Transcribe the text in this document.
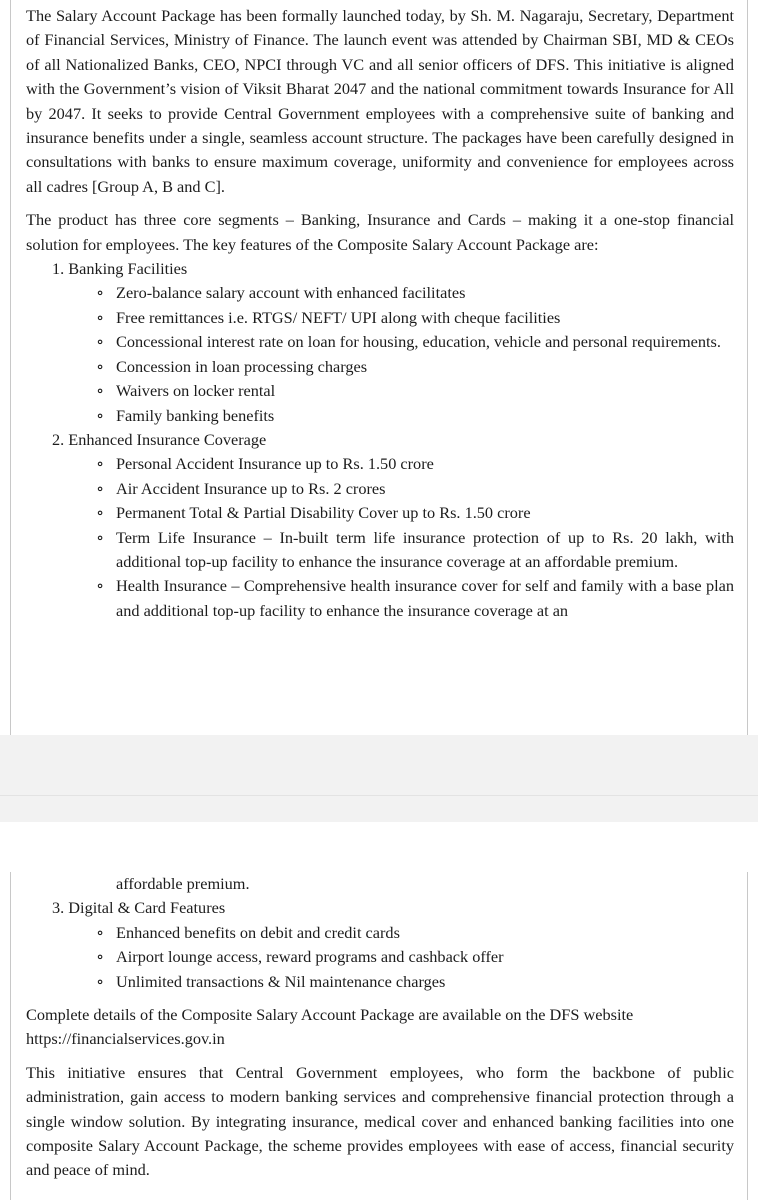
The Salary Account Package has been formally launched today, by Sh. M. Nagaraju, Secretary, Department of Financial Services, Ministry of Finance. The launch event was attended by Chairman SBI, MD & CEOs of all Nationalized Banks, CEO, NPCI through VC and all senior officers of DFS. This initiative is aligned with the Government’s vision of Viksit Bharat 2047 and the national commitment towards Insurance for All by 2047. It seeks to provide Central Government employees with a comprehensive suite of banking and insurance benefits under a single, seamless account structure. The packages have been carefully designed in consultations with banks to ensure maximum coverage, uniformity and convenience for employees across all cadres [Group A, B and C].

The product has three core segments – Banking, Insurance and Cards – making it a one-stop financial solution for employees. The key features of the Composite Salary Account Package are:

1. Banking Facilities
∘ Zero-balance salary account with enhanced facilitates
∘ Free remittances i.e. RTGS/ NEFT/ UPI along with cheque facilities
∘ Concessional interest rate on loan for housing, education, vehicle and personal requirements.
∘ Concession in loan processing charges
∘ Waivers on locker rental
∘ Family banking benefits
2. Enhanced Insurance Coverage
∘ Personal Accident Insurance up to Rs. 1.50 crore
∘ Air Accident Insurance up to Rs. 2 crores
∘ Permanent Total & Partial Disability Cover up to Rs. 1.50 crore
∘ Term Life Insurance – In-built term life insurance protection of up to Rs. 20 lakh, with additional top-up facility to enhance the insurance coverage at an affordable premium.
∘ Health Insurance – Comprehensive health insurance cover for self and family with a base plan and additional top-up facility to enhance the insurance coverage at an
affordable premium.
3. Digital & Card Features
∘ Enhanced benefits on debit and credit cards
∘ Airport lounge access, reward programs and cashback offer
∘ Unlimited transactions & Nil maintenance charges

Complete details of the Composite Salary Account Package are available on the DFS website https://financialservices.gov.in

This initiative ensures that Central Government employees, who form the backbone of public administration, gain access to modern banking services and comprehensive financial protection through a single window solution. By integrating insurance, medical cover and enhanced banking facilities into one composite Salary Account Package, the scheme provides employees with ease of access, financial security and peace of mind.
